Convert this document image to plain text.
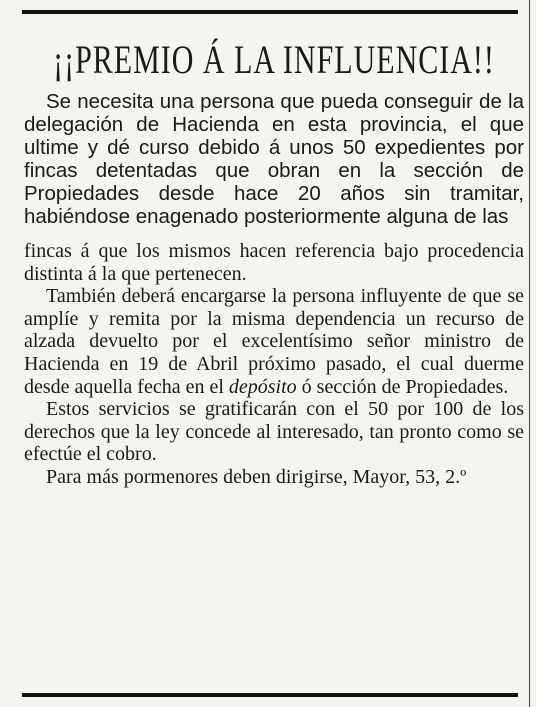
¡¡PREMIO Á LA INFLUENCIA!!

Se necesita una persona que pueda conseguir de la delegación de Hacienda en esta provincia, el que ultime y dé curso debido á unos 50 expedientes por fincas detentadas que obran en la sección de Propiedades desde hace 20 años sin tramitar, habiéndose enagenado posteriormente alguna de las

fincas á que los mismos hacen referencia bajo procedencia distinta á la que pertenecen.

También deberá encargarse la persona influyente de que se amplíe y remita por la misma dependencia un recurso de alzada devuelto por el excelentísimo señor ministro de Hacienda en 19 de Abril próximo pasado, el cual duerme desde aquella fecha en el depósito ó sección de Propiedades.

Estos servicios se gratificarán con el 50 por 100 de los derechos que la ley concede al interesado, tan pronto como se efectúe el cobro.

Para más pormenores deben dirigirse, Mayor, 53, 2.º
